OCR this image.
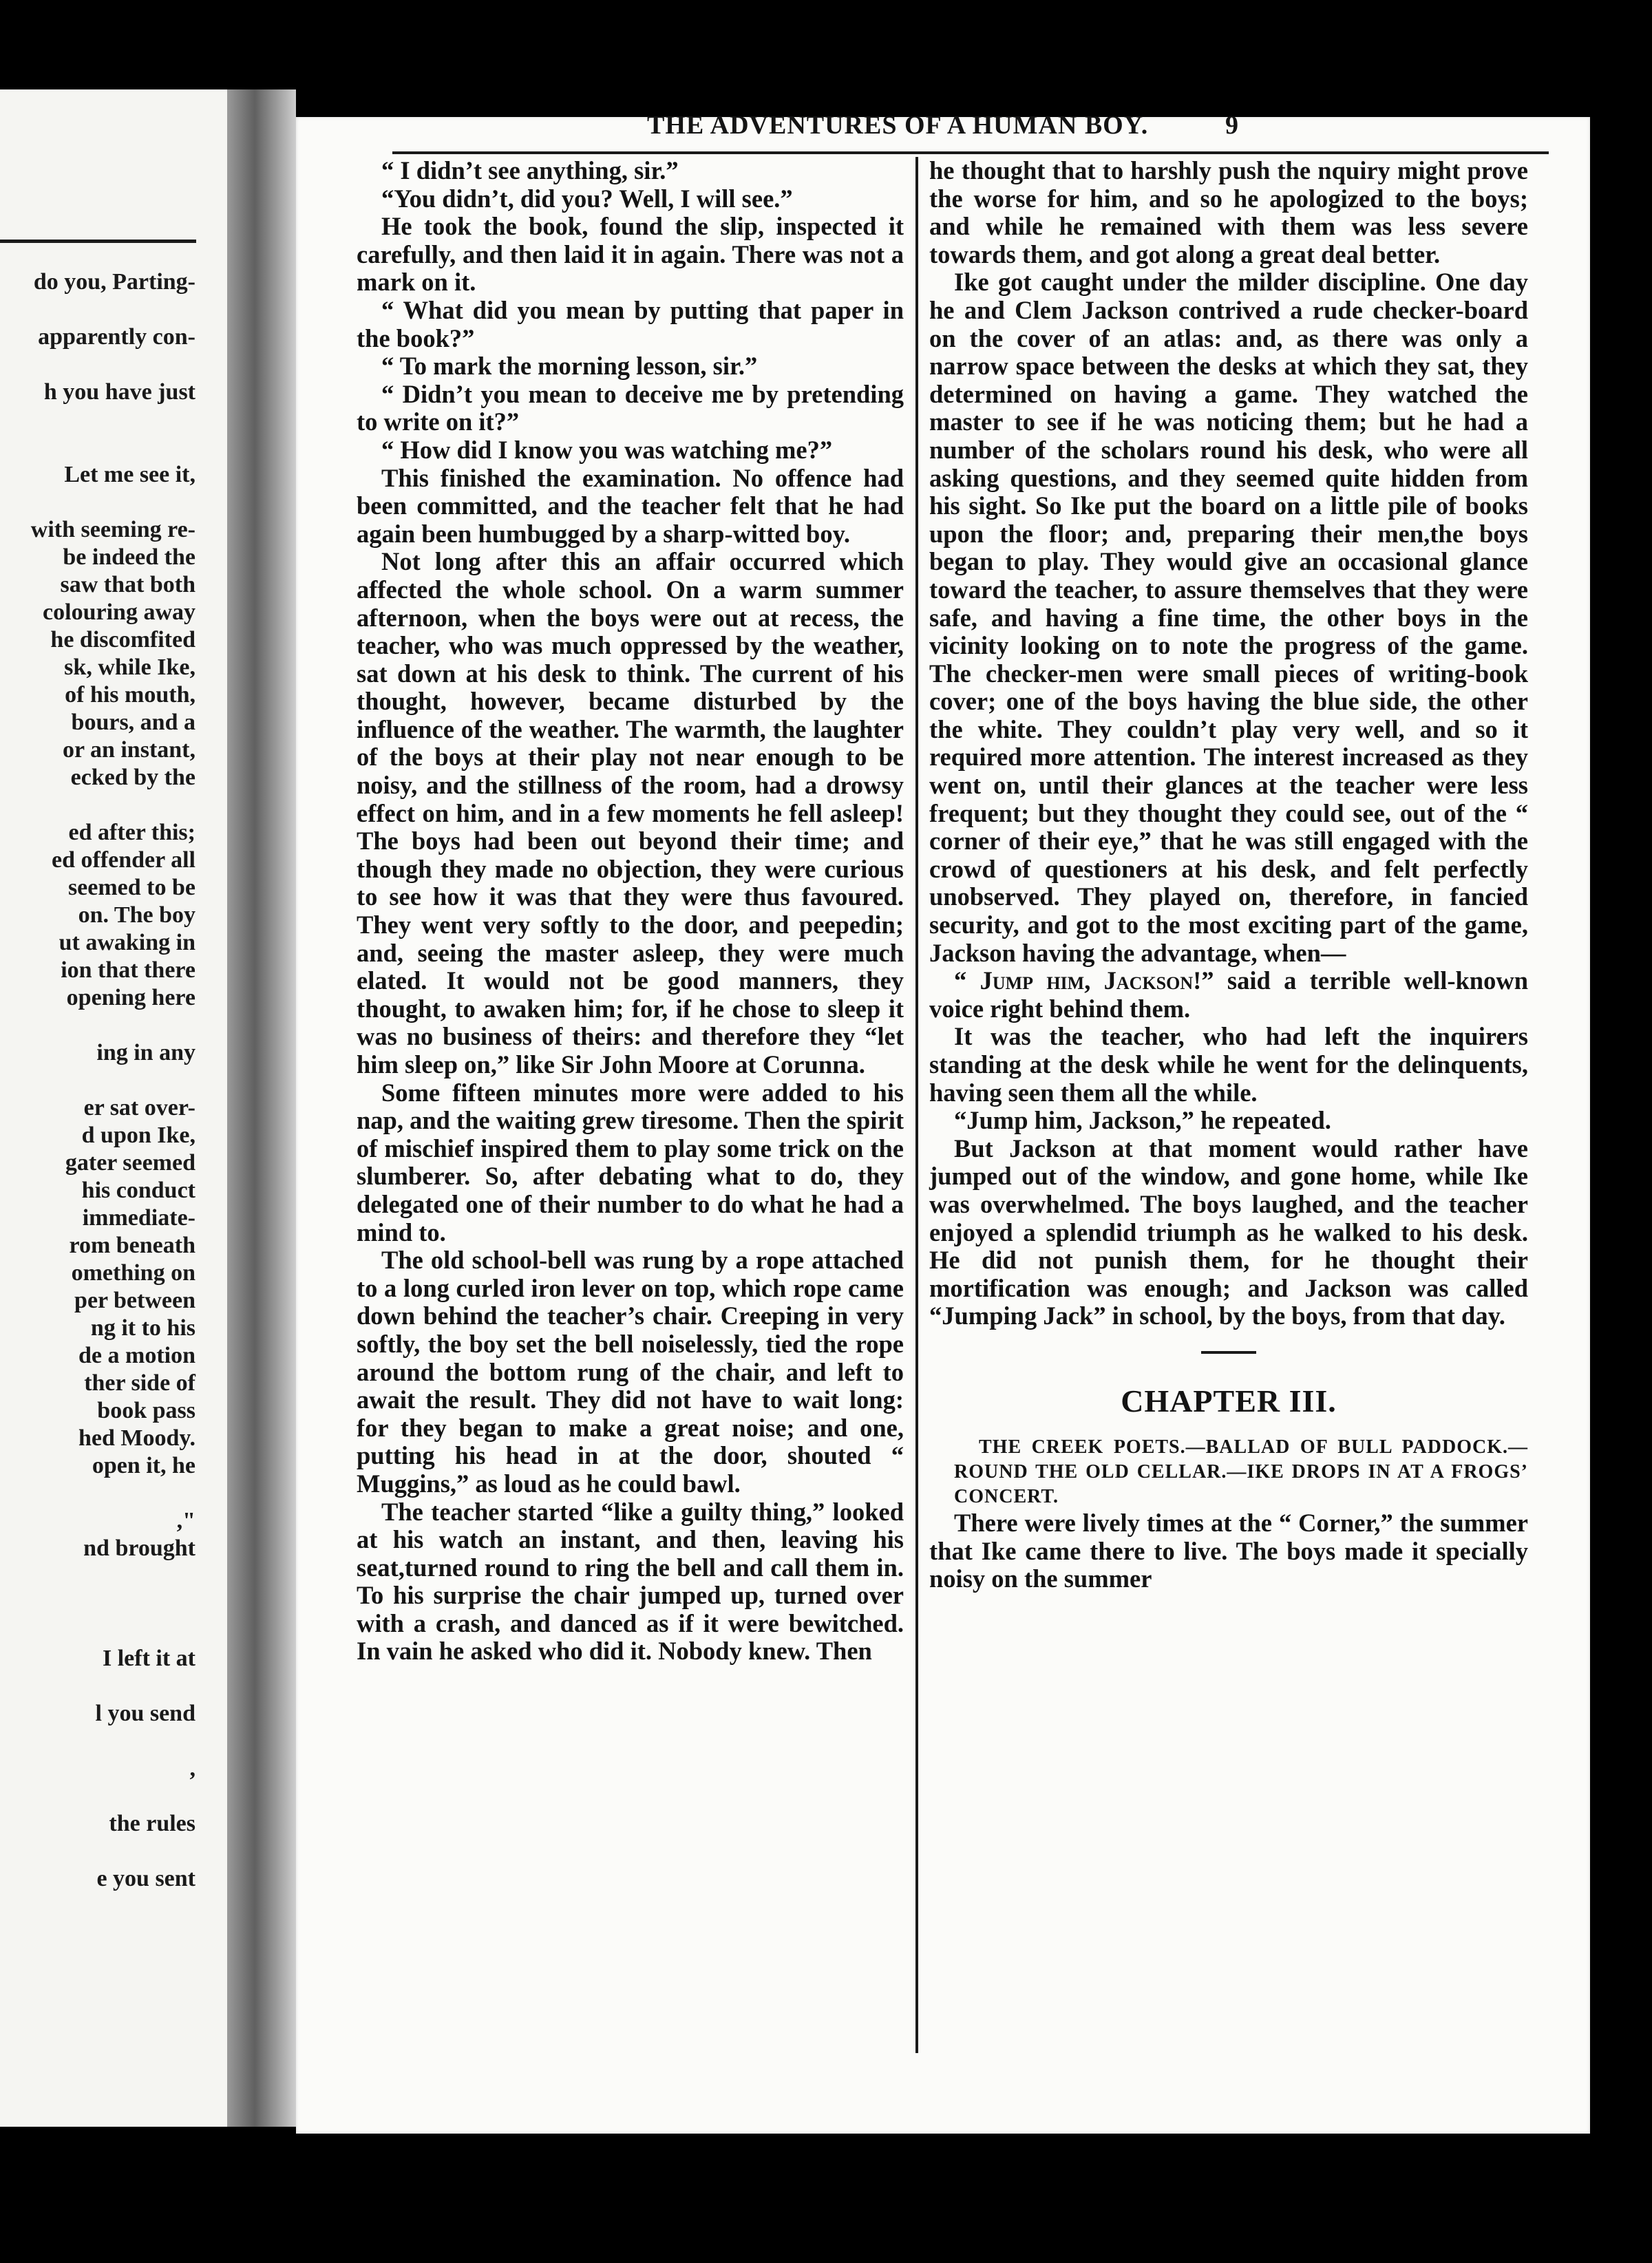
do you, Parting-
apparently con-
h you have just
Let me see it,
with seeming re-
be indeed the
saw that both
colouring away
he discomfited
sk, while Ike,
of his mouth,
bours, and a
or an instant,
ecked by the
ed after this;
ed offender all
seemed to be
on. The boy
ut awaking in
ion that there
opening here
ing in any
er sat over-
d upon Ike,
gater seemed
his conduct
immediate-
rom beneath
omething on
per between
ng it to his
de a motion
ther side of
book pass
hed Moody.
open it, he
,"
nd brought
I left it at
l you send
,
the rules
e you sent
THE ADVENTURES OF A HUMAN BOY.	9

“ I didn’t see anything, sir.”

“You didn’t, did you? Well, I will see.”

He took the book, found the slip, inspected it carefully, and then laid it in again. There was not a mark on it.

“ What did you mean by putting that paper in the book?”

“ To mark the morning lesson, sir.”

“ Didn’t you mean to deceive me by pretending to write on it?”

“ How did I know you was watching me?”

This finished the examination. No offence had been committed, and the teacher felt that he had again been humbugged by a sharp-witted boy.

Not long after this an affair occurred which affected the whole school. On a warm summer afternoon, when the boys were out at recess, the teacher, who was much oppressed by the weather, sat down at his desk to think. The current of his thought, however, became disturbed by the influence of the weather. The warmth, the laughter of the boys at their play not near enough to be noisy, and the stillness of the room, had a drowsy effect on him, and in a few moments he fell asleep! The boys had been out beyond their time; and though they made no objection, they were curious to see how it was that they were thus favoured. They went very softly to the door, and peepedin; and, seeing the master asleep, they were much elated. It would not be good manners, they thought, to awaken him; for, if he chose to sleep it was no business of theirs: and therefore they “let him sleep on,” like Sir John Moore at Corunna.

Some fifteen minutes more were added to his nap, and the waiting grew tiresome. Then the spirit of mischief inspired them to play some trick on the slumberer. So, after debating what to do, they delegated one of their number to do what he had a mind to.

The old school-bell was rung by a rope attached to a long curled iron lever on top, which rope came down behind the teacher’s chair. Creeping in very softly, the boy set the bell noiselessly, tied the rope around the bottom rung of the chair, and left to await the result. They did not have to wait long: for they began to make a great noise; and one, putting his head in at the door, shouted “ Muggins,” as loud as he could bawl.

The teacher started “like a guilty thing,” looked at his watch an instant, and then, leaving his seat,turned round to ring the bell and call them in. To his surprise the chair jumped up, turned over with a crash, and danced as if it were bewitched. In vain he asked who did it. Nobody knew. Then

he thought that to harshly push the nquiry might prove the worse for him, and so he apologized to the boys; and while he remained with them was less severe towards them, and got along a great deal better.

Ike got caught under the milder discipline. One day he and Clem Jackson contrived a rude checker-board on the cover of an atlas: and, as there was only a narrow space between the desks at which they sat, they determined on having a game. They watched the master to see if he was noticing them; but he had a number of the scholars round his desk, who were all asking questions, and they seemed quite hidden from his sight. So Ike put the board on a little pile of books upon the floor; and, preparing their men,the boys began to play. They would give an occasional glance toward the teacher, to assure themselves that they were safe, and having a fine time, the other boys in the vicinity looking on to note the progress of the game. The checker-men were small pieces of writing-book cover; one of the boys having the blue side, the other the white. They couldn’t play very well, and so it required more attention. The interest increased as they went on, until their glances at the teacher were less frequent; but they thought they could see, out of the “ corner of their eye,” that he was still engaged with the crowd of questioners at his desk, and felt perfectly unobserved. They played on, therefore, in fancied security, and got to the most exciting part of the game, Jackson having the advantage, when—

“ Jump him, Jackson!” said a terrible well-known voice right behind them.

It was the teacher, who had left the inquirers standing at the desk while he went for the delinquents, having seen them all the while.

“Jump him, Jackson,” he repeated.

But Jackson at that moment would rather have jumped out of the window, and gone home, while Ike was overwhelmed. The boys laughed, and the teacher enjoyed a splendid triumph as he walked to his desk. He did not punish them, for he thought their mortification was enough; and Jackson was called “Jumping Jack” in school, by the boys, from that day.

CHAPTER III.

THE CREEK POETS.—BALLAD OF BULL PADDOCK.—ROUND THE OLD CELLAR.—IKE DROPS IN AT A FROGS’ CONCERT.

There were lively times at the “ Corner,” the summer that Ike came there to live. The boys made it specially noisy on the summer
